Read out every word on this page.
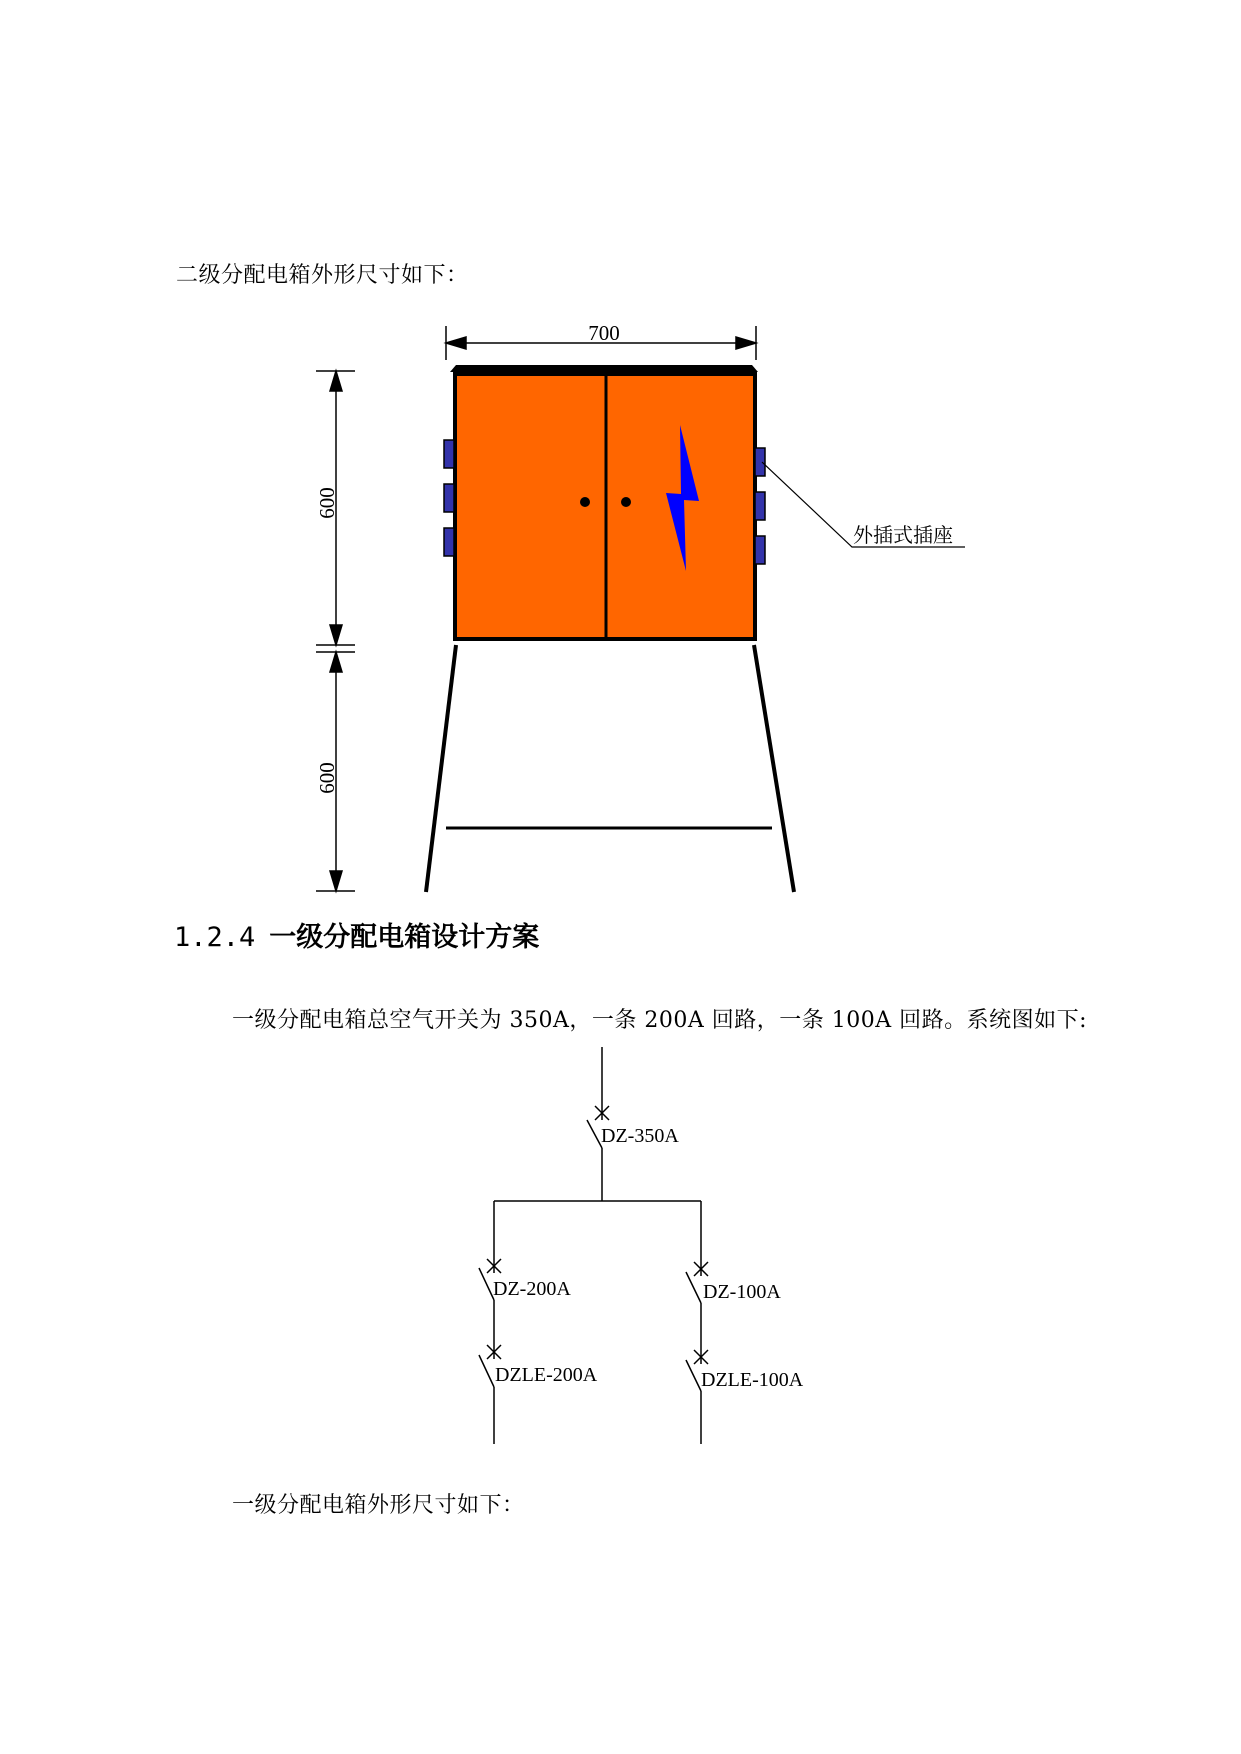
二级分配电箱外形尺寸如下：
700
600
600
外插式插座
1.2.4 一级分配电箱设计方案
一级分配电箱总空气开关为 350A，一条 200A 回路，一条 100A 回路。系统图如下:
DZ-350A
DZ-200A
DZLE-200A
DZ-100A
DZLE-100A
一级分配电箱外形尺寸如下：
